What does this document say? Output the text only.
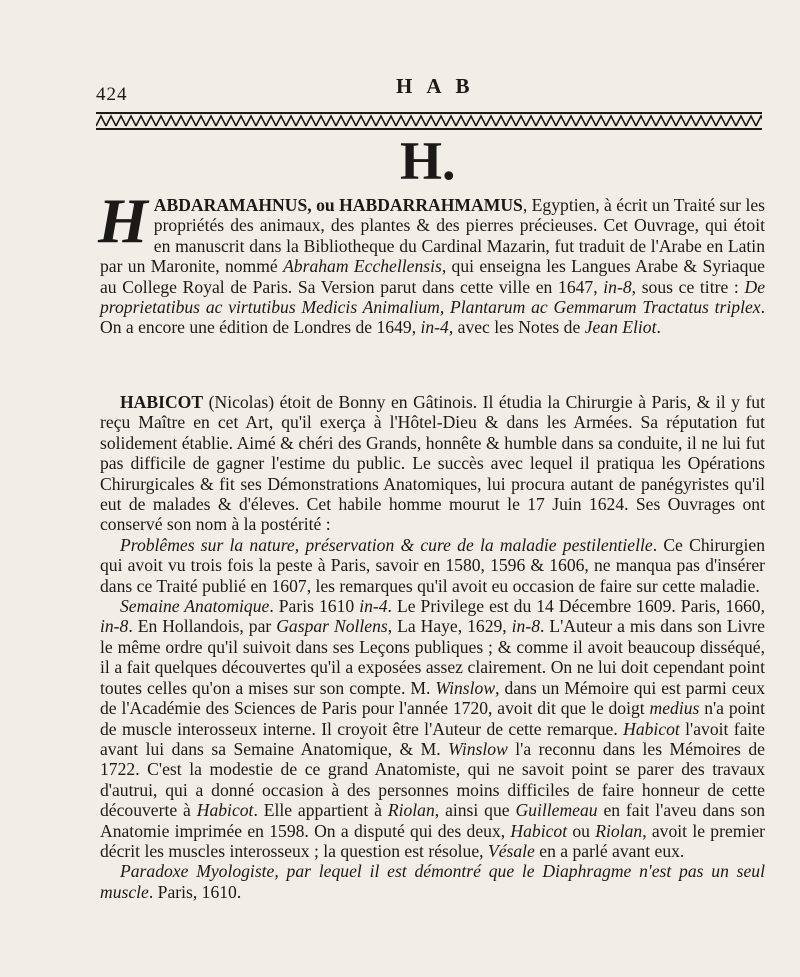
424	HAB
H.

HABDARAMAHNUS, ou HABDARRAHMAMUS, Egyptien, à écrit un Traité sur les propriétés des animaux, des plantes & des pierres précieuses. Cet Ouvrage, qui étoit en manuscrit dans la Bibliotheque du Cardinal Mazarin, fut traduit de l'Arabe en Latin par un Maronite, nommé Abraham Ecchellensis, qui enseigna les Langues Arabe & Syriaque au College Royal de Paris. Sa Version parut dans cette ville en 1647, in-8, sous ce titre : De proprietatibus ac virtutibus Medicis Animalium, Plantarum ac Gemmarum Tractatus triplex. On a encore une édition de Londres de 1649, in-4, avec les Notes de Jean Eliot.

HABICOT (Nicolas) étoit de Bonny en Gâtinois. Il étudia la Chirurgie à Paris, & il y fut reçu Maître en cet Art, qu'il exerça à l'Hôtel-Dieu & dans les Armées. Sa réputation fut solidement établie. Aimé & chéri des Grands, honnête & humble dans sa conduite, il ne lui fut pas difficile de gagner l'estime du public. Le succès avec lequel il pratiqua les Opérations Chirurgicales & fit ses Démonstrations Anatomiques, lui procura autant de panégyristes qu'il eut de malades & d'éleves. Cet habile homme mourut le 17 Juin 1624. Ses Ouvrages ont conservé son nom à la postérité :

Problêmes sur la nature, préservation & cure de la maladie pestilentielle. Ce Chirurgien qui avoit vu trois fois la peste à Paris, savoir en 1580, 1596 & 1606, ne manqua pas d'insérer dans ce Traité publié en 1607, les remarques qu'il avoit eu occasion de faire sur cette maladie.

Semaine Anatomique. Paris 1610 in-4. Le Privilege est du 14 Décembre 1609. Paris, 1660, in-8. En Hollandois, par Gaspar Nollens, La Haye, 1629, in-8. L'Auteur a mis dans son Livre le même ordre qu'il suivoit dans ses Leçons publiques ; & comme il avoit beaucoup disséqué, il a fait quelques découvertes qu'il a exposées assez clairement. On ne lui doit cependant point toutes celles qu'on a mises sur son compte. M. Winslow, dans un Mémoire qui est parmi ceux de l'Académie des Sciences de Paris pour l'année 1720, avoit dit que le doigt medius n'a point de muscle interosseux interne. Il croyoit être l'Auteur de cette remarque. Habicot l'avoit faite avant lui dans sa Semaine Anatomique, & M. Winslow l'a reconnu dans les Mémoires de 1722. C'est la modestie de ce grand Anatomiste, qui ne savoit point se parer des travaux d'autrui, qui a donné occasion à des personnes moins difficiles de faire honneur de cette découverte à Habicot. Elle appartient à Riolan, ainsi que Guillemeau en fait l'aveu dans son Anatomie imprimée en 1598. On a disputé qui des deux, Habicot ou Riolan, avoit le premier décrit les muscles interosseux ; la question est résolue, Vésale en a parlé avant eux.

Paradoxe Myologiste, par lequel il est démontré que le Diaphragme n'est pas un seul muscle. Paris, 1610.
